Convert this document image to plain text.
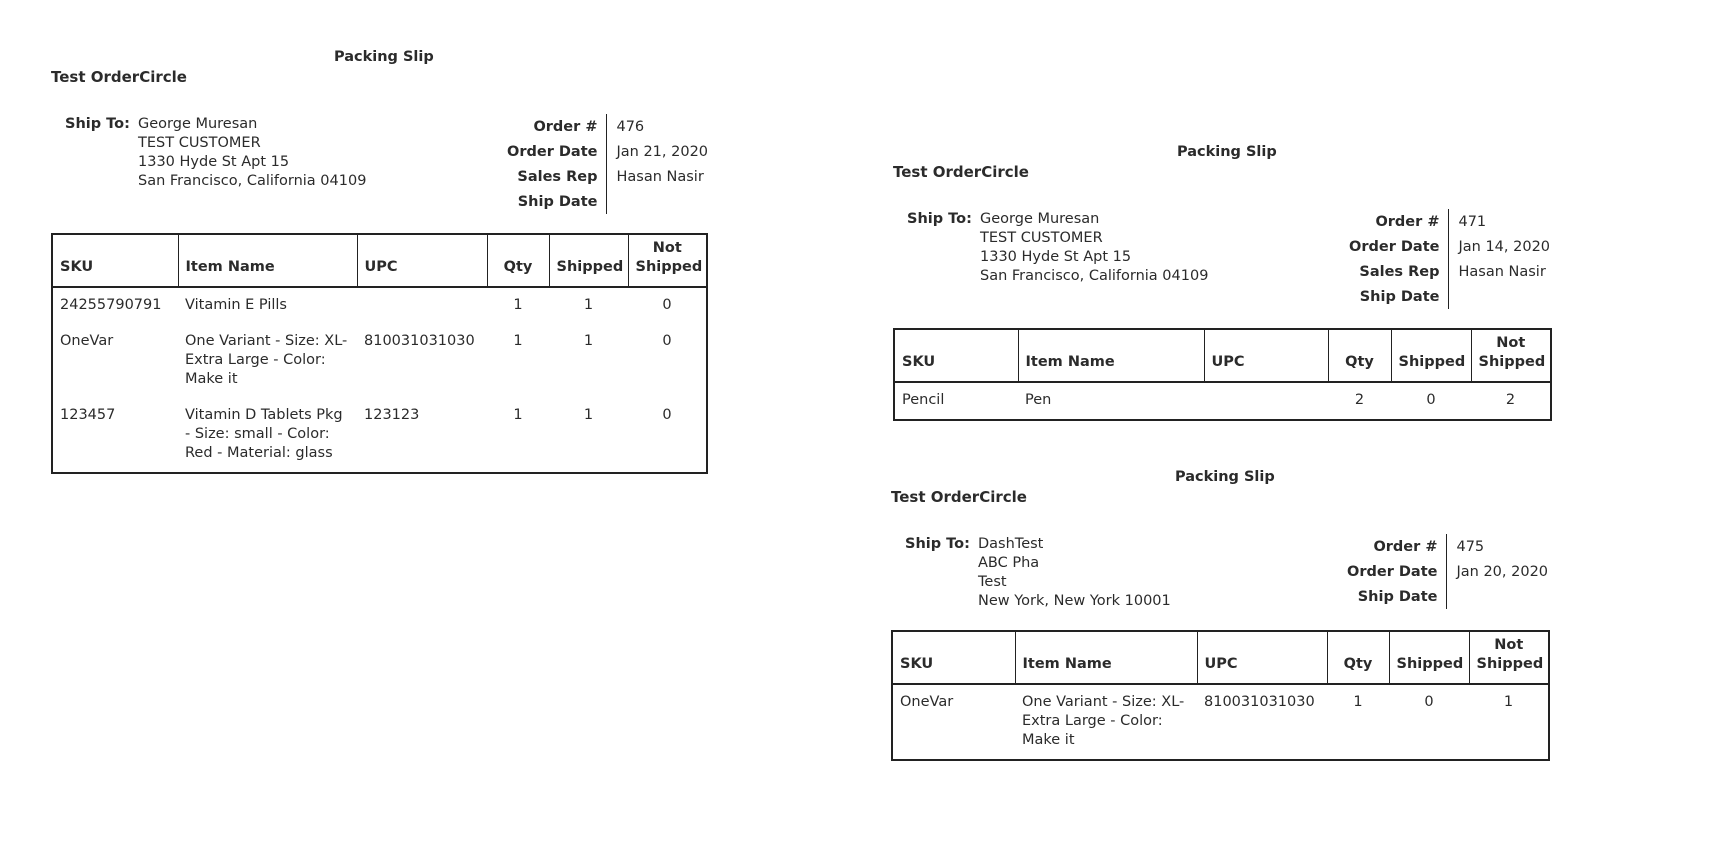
Packing Slip
Test OrderCircle
Ship To: George Muresan
TEST CUSTOMER
1330 Hyde St Apt 15
San Francisco, California 04109
Order #	476
Order Date	Jan 21, 2020
Sales Rep	Hasan Nasir
Ship Date	
SKU	Item Name	UPC	Qty	Shipped	Not
Shipped

24255790791	Vitamin E Pills		1	1	0
OneVar	One Variant - Size: XL- Extra Large - Color: Make it	810031031030	1	1	0
123457	Vitamin D Tablets Pkg - Size: small - Color: Red - Material: glass	123123	1	1	0
Packing Slip
Test OrderCircle
Ship To: George Muresan
TEST CUSTOMER
1330 Hyde St Apt 15
San Francisco, California 04109
Order #	471
Order Date	Jan 14, 2020
Sales Rep	Hasan Nasir
Ship Date	
SKU	Item Name	UPC	Qty	Shipped	Not
Shipped

Pencil	Pen		2	0	2
Packing Slip
Test OrderCircle
Ship To: DashTest
ABC Pha
Test
New York, New York 10001
Order #	475
Order Date	Jan 20, 2020
Ship Date	
SKU	Item Name	UPC	Qty	Shipped	Not
Shipped

OneVar	One Variant - Size: XL- Extra Large - Color: Make it	810031031030	1	0	1
